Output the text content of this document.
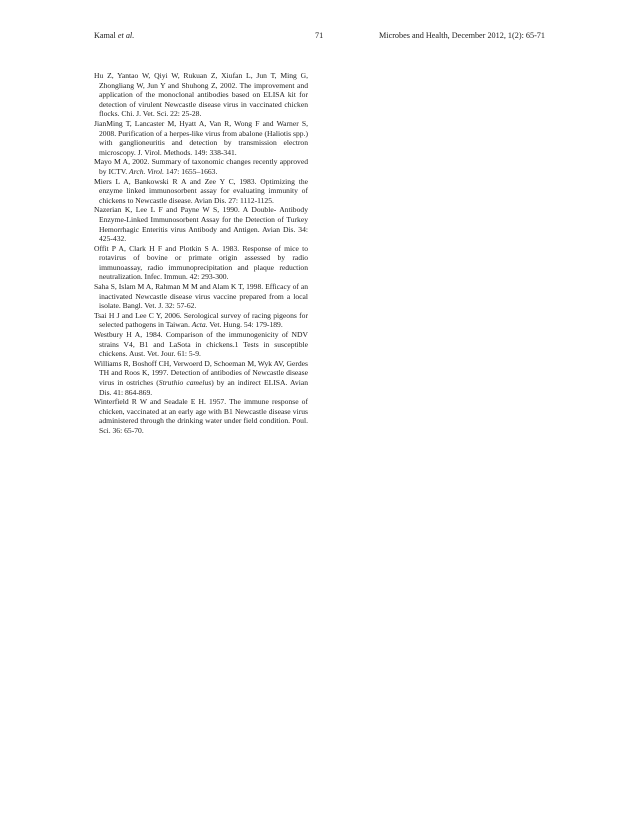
Kamal et al.	71	Microbes and Health, December 2012, 1(2): 65-71

Hu Z, Yantao W, Qiyi W, Rukuan Z, Xiufan L, Jun T, Ming G, Zhongliang W, Jun Y and Shuhong Z, 2002. The improvement and application of the monoclonal antibodies based on ELISA kit for detection of virulent Newcastle disease virus in vaccinated chicken flocks. Chi. J. Vet. Sci. 22: 25-28.

JianMing T, Lancaster M, Hyatt A, Van R, Wong F and Warner S, 2008. Purification of a herpes-like virus from abalone (Haliotis spp.) with ganglioneuritis and detection by transmission electron microscopy. J. Virol. Methods. 149: 338-341.

Mayo M A, 2002. Summary of taxonomic changes recently approved by ICTV. Arch. Virol. 147: 1655–1663.

Miers L A, Bankowski R A and Zee Y C, 1983. Optimizing the enzyme linked immunosorbent assay for evaluating immunity of chickens to Newcastle disease. Avian Dis. 27: 1112-1125.

Nazerian K, Lee L F and Payne W S, 1990. A Double- Antibody Enzyme-Linked Immunosorbent Assay for the Detection of Turkey Hemorrhagic Enteritis virus Antibody and Antigen. Avian Dis. 34: 425-432.

Offit P A, Clark H F and Plotkin S A. 1983. Response of mice to rotavirus of bovine or primate origin assessed by radio immunoassay, radio immunoprecipitation and plaque reduction neutralization. Infec. Immun. 42: 293-300.

Saha S, Islam M A, Rahman M M and Alam K T, 1998. Efficacy of an inactivated Newcastle disease virus vaccine prepared from a local isolate. Bangl. Vet. J. 32: 57-62.

Tsai H J and Lee C Y, 2006. Serological survey of racing pigeons for selected pathogens in Taiwan. Acta. Vet. Hung. 54: 179-189.

Westbury H A, 1984. Comparison of the immunogenicity of NDV strains V4, B1 and LaSota in chickens.1 Tests in susceptible chickens. Aust. Vet. Jour. 61: 5-9.

Williams R, Boshoff CH, Verwoerd D, Schoeman M, Wyk AV, Gerdes TH and Roos K, 1997. Detection of antibodies of Newcastle disease virus in ostriches (Struthio camelus) by an indirect ELISA. Avian Dis. 41: 864-869.

Winterfield R W and Seadale E H. 1957. The immune response of chicken, vaccinated at an early age with B1 Newcastle disease virus administered through the drinking water under field condition. Poul. Sci. 36: 65-70.
